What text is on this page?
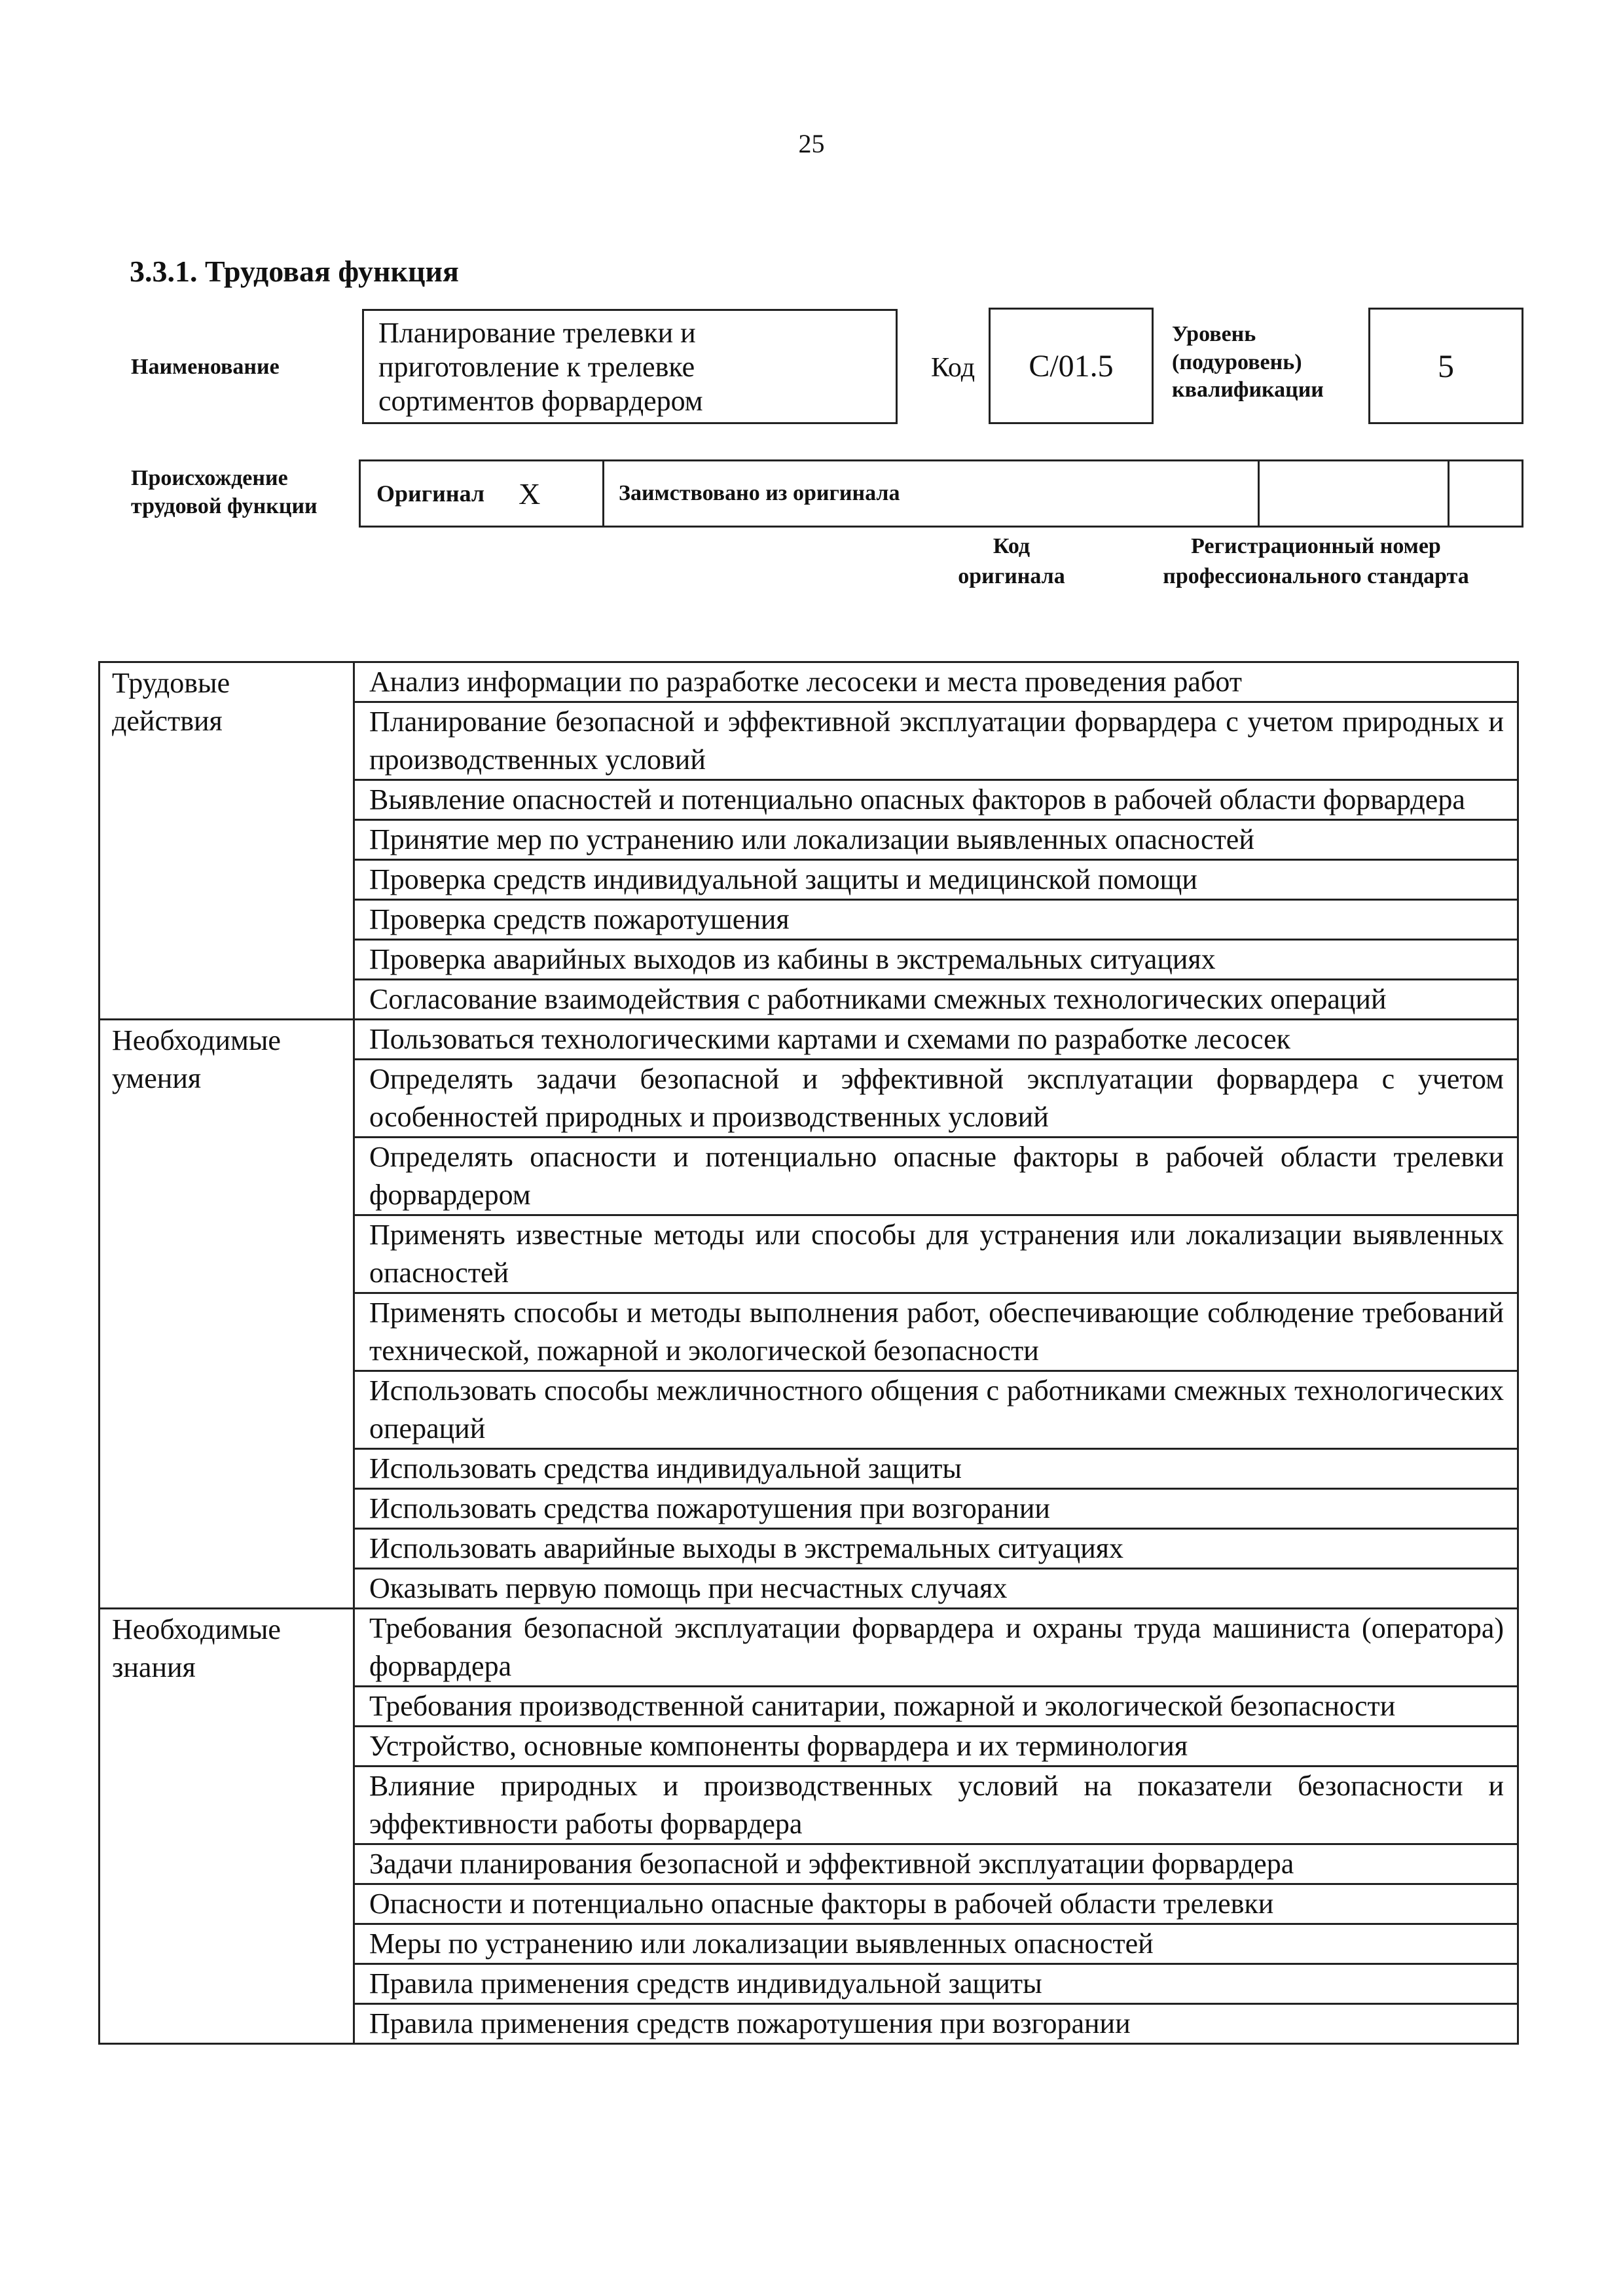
25
3.3.1. Трудовая функция
Наименование
Планирование трелевки и
приготовление к трелевке
сортиментов форвардером
Код C/01.5
Уровень
(подуровень)
квалификации
5
Происхождение
трудовой функции	Оригинал X	Заимствовано из оригинала
Код
оригинала
Регистрационный номер
профессионального стандарта
Трудовые действия	Анализ информации по разработке лесосеки и места проведения работ
	Планирование безопасной и эффективной эксплуатации форвардера с учетом природных и производственных условий
	Выявление опасностей и потенциально опасных факторов в рабочей области форвардера
	Принятие мер по устранению или локализации выявленных опасностей
	Проверка средств индивидуальной защиты и медицинской помощи
	Проверка средств пожаротушения
	Проверка аварийных выходов из кабины в экстремальных ситуациях
	Согласование взаимодействия с работниками смежных технологических операций
Необходимые умения	Пользоваться технологическими картами и схемами по разработке лесосек
	Определять задачи безопасной и эффективной эксплуатации форвардера с учетом особенностей природных и производственных условий
	Определять опасности и потенциально опасные факторы в рабочей области трелевки форвардером
	Применять известные методы или способы для устранения или локализации выявленных опасностей
	Применять способы и методы выполнения работ, обеспечивающие соблюдение требований технической, пожарной и экологической безопасности
	Использовать способы межличностного общения с работниками смежных технологических операций
	Использовать средства индивидуальной защиты
	Использовать средства пожаротушения при возгорании
	Использовать аварийные выходы в экстремальных ситуациях
	Оказывать первую помощь при несчастных случаях
Необходимые знания	Требования безопасной эксплуатации форвардера и охраны труда машиниста (оператора) форвардера
	Требования производственной санитарии, пожарной и экологической безопасности
	Устройство, основные компоненты форвардера и их терминология
	Влияние природных и производственных условий на показатели безопасности и эффективности работы форвардера
	Задачи планирования безопасной и эффективной эксплуатации форвардера
	Опасности и потенциально опасные факторы в рабочей области трелевки
	Меры по устранению или локализации выявленных опасностей
	Правила применения средств индивидуальной защиты
	Правила применения средств пожаротушения при возгорании
